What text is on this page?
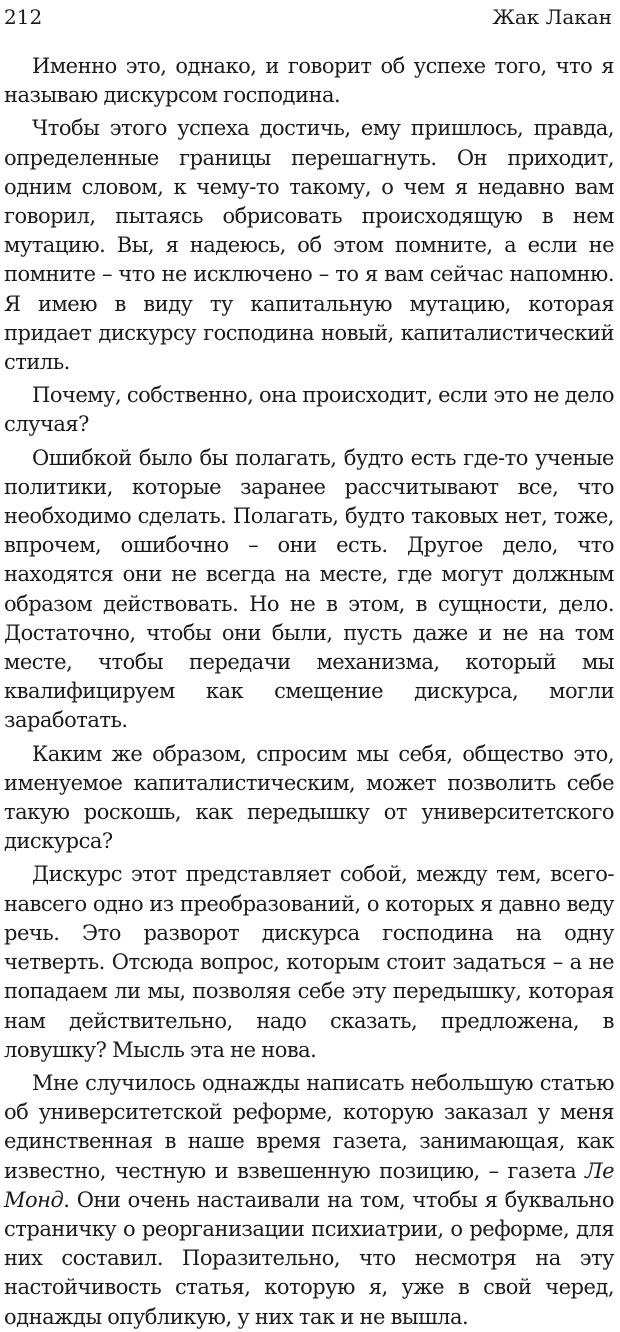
212	Жак Лакан

Именно это, однако, и говорит об успехе того, что я называю дискурсом господина.

Чтобы этого успеха достичь, ему пришлось, правда, определенные границы перешагнуть. Он приходит, одним словом, к чему-то такому, о чем я недавно вам говорил, пытаясь обрисовать происходящую в нем мутацию. Вы, я надеюсь, об этом помните, а если не помните – что не исключено – то я вам сейчас напомню. Я имею в виду ту капитальную мутацию, которая придает дискурсу господина новый, капиталистический стиль.

Почему, собственно, она происходит, если это не дело случая?

Ошибкой было бы полагать, будто есть где-то ученые политики, которые заранее рассчитывают все, что необходимо сделать. Полагать, будто таковых нет, тоже, впрочем, ошибочно – они есть. Другое дело, что находятся они не всегда на месте, где могут должным образом действовать. Но не в этом, в сущности, дело. Достаточно, чтобы они были, пусть даже и не на том месте, чтобы передачи механизма, который мы квалифицируем как смещение дискурса, могли заработать.

Каким же образом, спросим мы себя, общество это, именуемое капиталистическим, может позволить себе такую роскошь, как передышку от университетского дискурса?

Дискурс этот представляет собой, между тем, всего-навсего одно из преобразований, о которых я давно веду речь. Это разворот дискурса господина на одну четверть. Отсюда вопрос, которым стоит задаться – а не попадаем ли мы, позволяя себе эту передышку, которая нам действительно, надо сказать, предложена, в ловушку? Мысль эта не нова.

Мне случилось однажды написать небольшую статью об университетской реформе, которую заказал у меня единственная в наше время газета, занимающая, как известно, честную и взвешенную позицию, – газета Ле Монд. Они очень настаивали на том, чтобы я буквально страничку о реорганизации психиатрии, о реформе, для них составил. Поразительно, что несмотря на эту настойчивость статья, которую я, уже в свой черед, однажды опубликую, у них так и не вышла.
